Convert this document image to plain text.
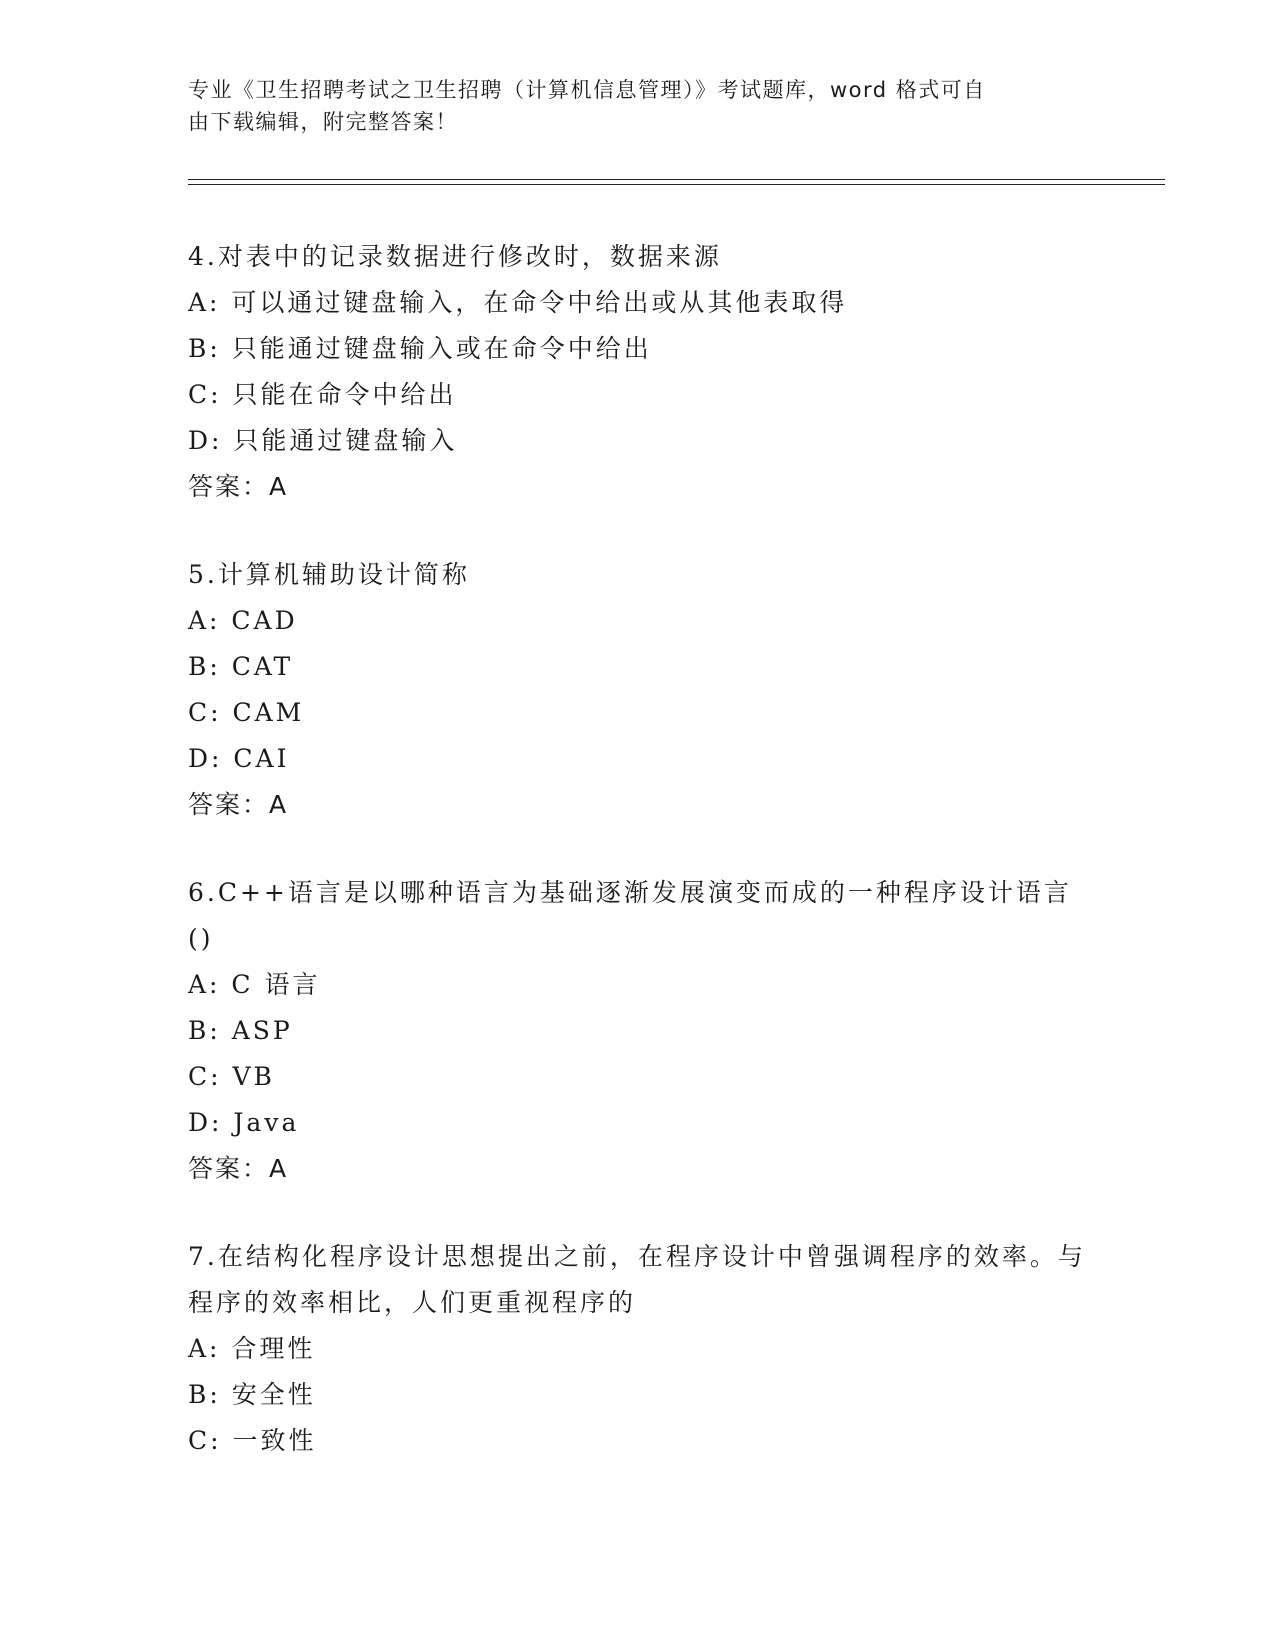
专业《卫生招聘考试之卫生招聘（计算机信息管理）》考试题库，word 格式可自
由下载编辑，附完整答案！
4.对表中的记录数据进行修改时，数据来源
A: 可以通过键盘输入，在命令中给出或从其他表取得
B: 只能通过键盘输入或在命令中给出
C: 只能在命令中给出
D: 只能通过键盘输入
答案：A
5.计算机辅助设计简称
A: CAD
B: CAT
C: CAM
D: CAI
答案：A
6.C++语言是以哪种语言为基础逐渐发展演变而成的一种程序设计语言()
A: C 语言
B: ASP
C: VB
D: Java
答案：A
7.在结构化程序设计思想提出之前，在程序设计中曾强调程序的效率。与程序的效率相比，人们更重视程序的
A: 合理性
B: 安全性
C: 一致性
